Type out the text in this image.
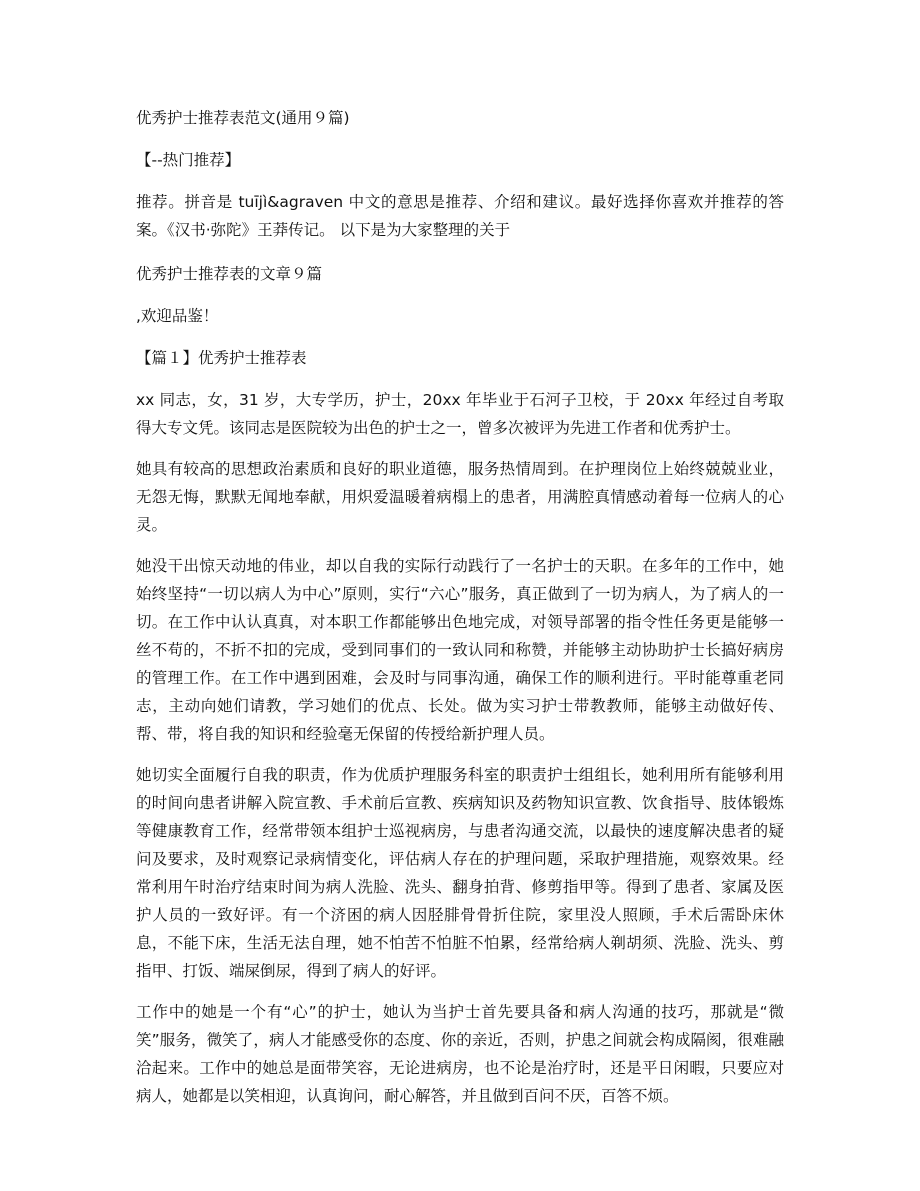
优秀护士推荐表范文(通用９篇)

【--热门推荐】

推荐。拼音是 tuījì&agraven 中文的意思是推荐、介绍和建议。最好选择你喜欢并推荐的答案。《汉书·弥陀》王莽传记。 以下是为大家整理的关于

优秀护士推荐表的文章９篇

,欢迎品鉴！

【篇１】优秀护士推荐表

xx 同志，女，31 岁，大专学历，护士，20xx 年毕业于石河子卫校，于 20xx 年经过自考取得大专文凭。该同志是医院较为出色的护士之一，曾多次被评为先进工作者和优秀护士。

她具有较高的思想政治素质和良好的职业道德，服务热情周到。在护理岗位上始终兢兢业业，无怨无悔，默默无闻地奉献，用炽爱温暖着病榻上的患者，用满腔真情感动着每一位病人的心灵。

她没干出惊天动地的伟业，却以自我的实际行动践行了一名护士的天职。在多年的工作中，她始终坚持“一切以病人为中心”原则，实行“六心”服务，真正做到了一切为病人，为了病人的一切。在工作中认认真真，对本职工作都能够出色地完成，对领导部署的指令性任务更是能够一丝不苟的，不折不扣的完成，受到同事们的一致认同和称赞，并能够主动协助护士长搞好病房的管理工作。在工作中遇到困难，会及时与同事沟通，确保工作的顺利进行。平时能尊重老同志，主动向她们请教，学习她们的优点、长处。做为实习护士带教教师，能够主动做好传、帮、带，将自我的知识和经验毫无保留的传授给新护理人员。

她切实全面履行自我的职责，作为优质护理服务科室的职责护士组组长，她利用所有能够利用的时间向患者讲解入院宣教、手术前后宣教、疾病知识及药物知识宣教、饮食指导、肢体锻炼等健康教育工作，经常带领本组护士巡视病房，与患者沟通交流，以最快的速度解决患者的疑问及要求，及时观察记录病情变化，评估病人存在的护理问题，采取护理措施，观察效果。经常利用午时治疗结束时间为病人洗脸、洗头、翻身拍背、修剪指甲等。得到了患者、家属及医护人员的一致好评。有一个济困的病人因胫腓骨骨折住院，家里没人照顾，手术后需卧床休息，不能下床，生活无法自理，她不怕苦不怕脏不怕累，经常给病人剃胡须、洗脸、洗头、剪指甲、打饭、端屎倒尿，得到了病人的好评。

工作中的她是一个有“心”的护士，她认为当护士首先要具备和病人沟通的技巧，那就是“微笑”服务，微笑了，病人才能感受你的态度、你的亲近，否则，护患之间就会构成隔阂，很难融洽起来。工作中的她总是面带笑容，无论进病房，也不论是治疗时，还是平日闲暇，只要应对病人，她都是以笑相迎，认真询问，耐心解答，并且做到百问不厌，百答不烦。
